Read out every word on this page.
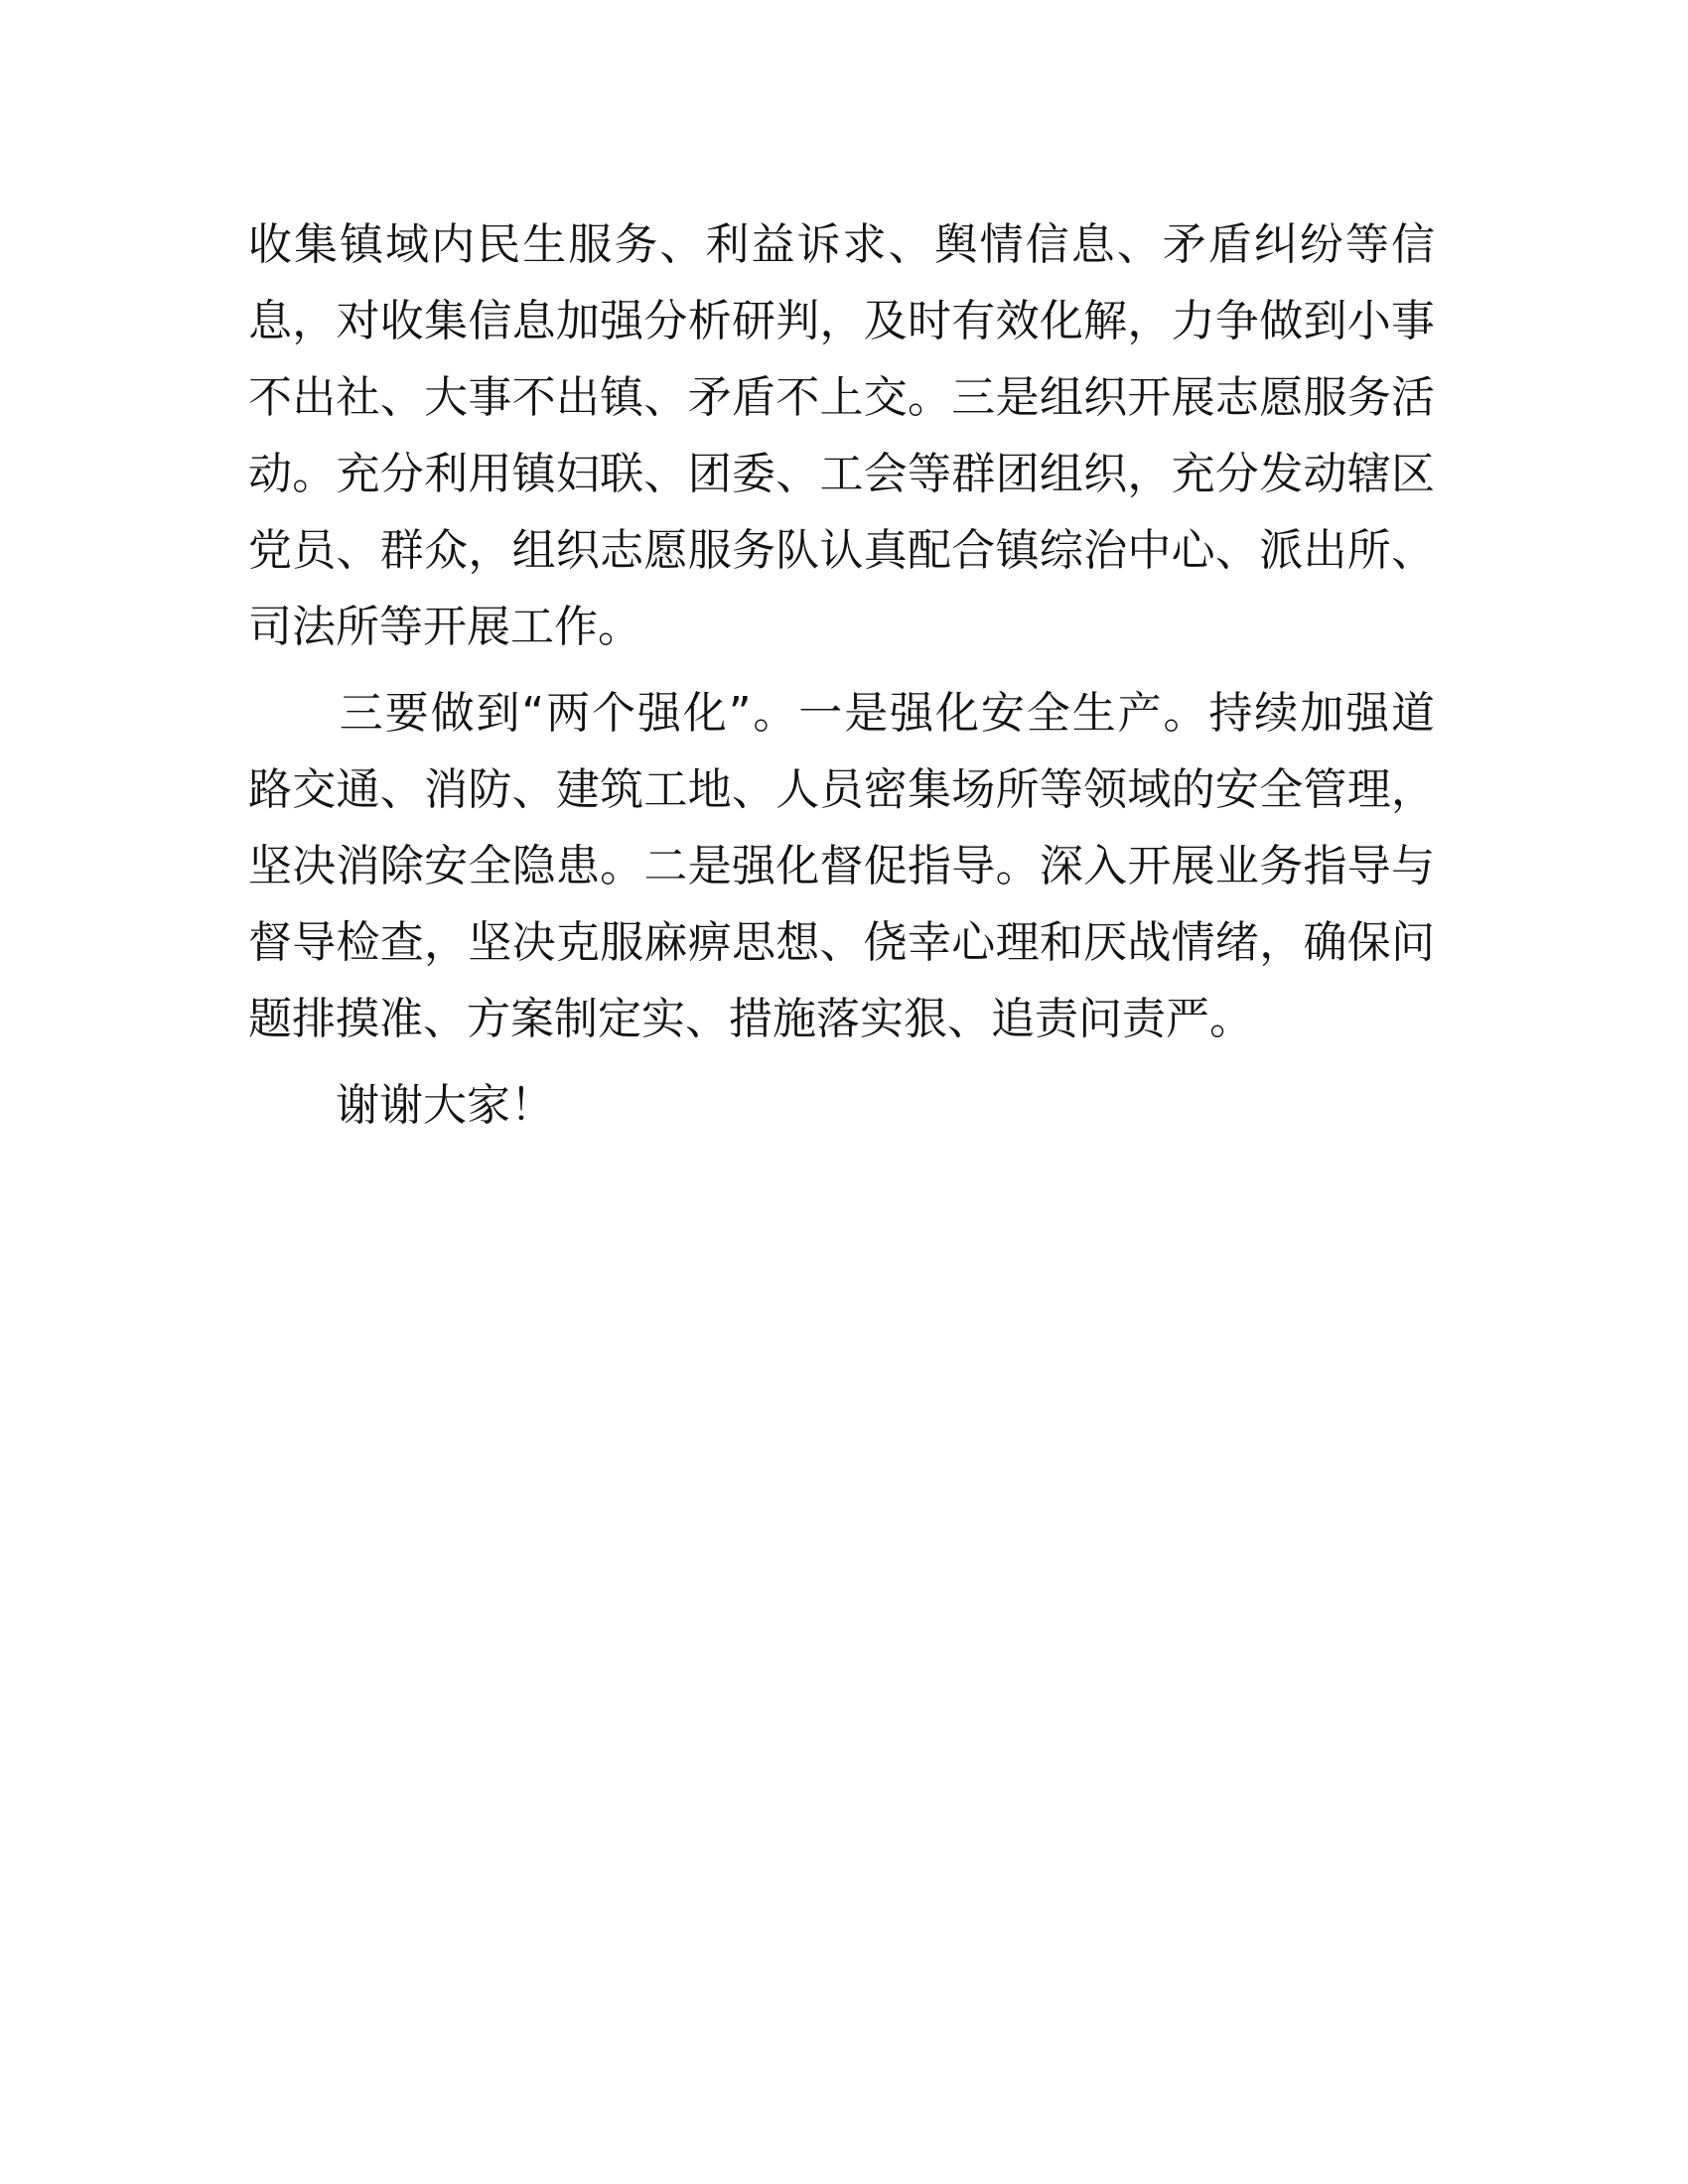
收集镇域内民生服务、利益诉求、舆情信息、矛盾纠纷等信
息，对收集信息加强分析研判，及时有效化解，力争做到小事
不出社、大事不出镇、矛盾不上交。三是组织开展志愿服务活
动。充分利用镇妇联、团委、工会等群团组织，充分发动辖区
党员、群众，组织志愿服务队认真配合镇综治中心、派出所、
司法所等开展工作。
　　三要做到“两个强化”。一是强化安全生产。持续加强道
路交通、消防、建筑工地、人员密集场所等领域的安全管理，
坚决消除安全隐患。二是强化督促指导。深入开展业务指导与
督导检查，坚决克服麻痹思想、侥幸心理和厌战情绪，确保问
题排摸准、方案制定实、措施落实狠、追责问责严。
　　谢谢大家！
